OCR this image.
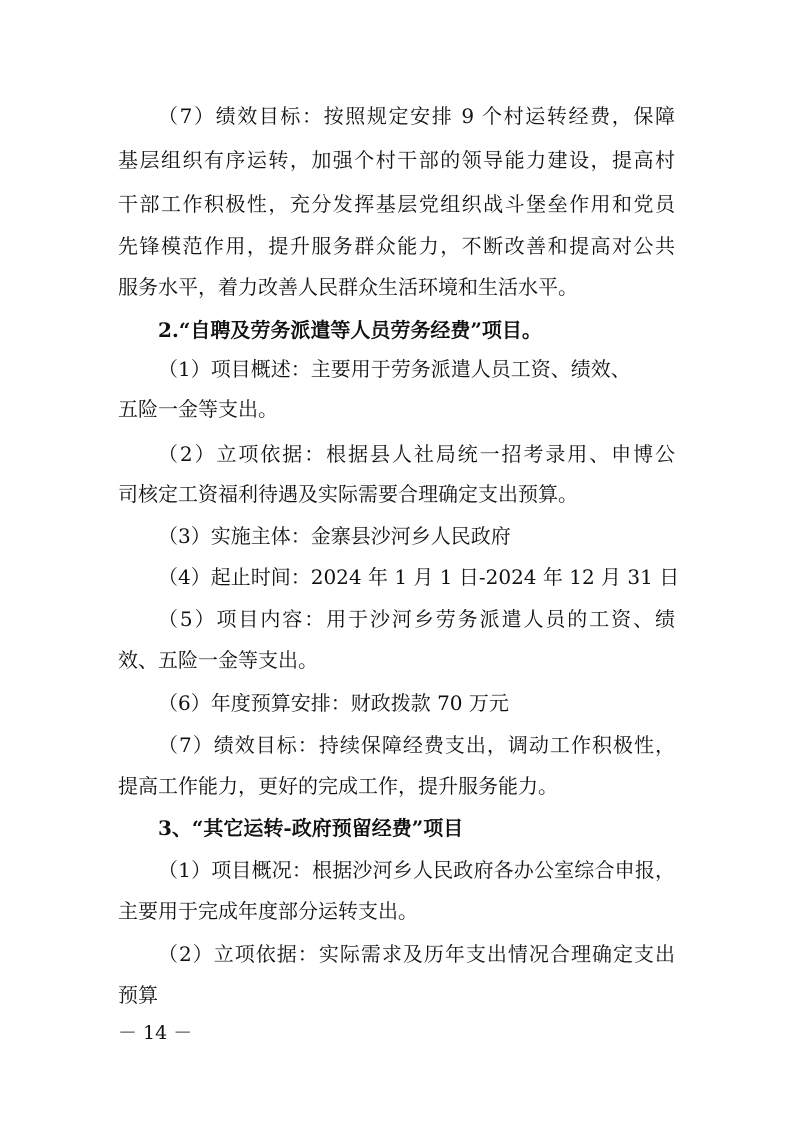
（7）绩效目标：按照规定安排 9 个村运转经费，保障
基层组织有序运转，加强个村干部的领导能力建设，提高村
干部工作积极性，充分发挥基层党组织战斗堡垒作用和党员
先锋模范作用，提升服务群众能力，不断改善和提高对公共
服务水平，着力改善人民群众生活环境和生活水平。
2.“自聘及劳务派遣等人员劳务经费”项目。
（1）项目概述：主要用于劳务派遣人员工资、绩效、
五险一金等支出。
（2）立项依据：根据县人社局统一招考录用、申博公
司核定工资福利待遇及实际需要合理确定支出预算。
（3）实施主体：金寨县沙河乡人民政府
（4）起止时间：2024 年 1 月 1 日-2024 年 12 月 31 日
（5）项目内容：用于沙河乡劳务派遣人员的工资、绩
效、五险一金等支出。
（6）年度预算安排：财政拨款 70 万元
（7）绩效目标：持续保障经费支出，调动工作积极性，
提高工作能力，更好的完成工作，提升服务能力。
3、“其它运转-政府预留经费”项目
（1）项目概况：根据沙河乡人民政府各办公室综合申报，
主要用于完成年度部分运转支出。
（2）立项依据：实际需求及历年支出情况合理确定支出
预算
－ 14 －
